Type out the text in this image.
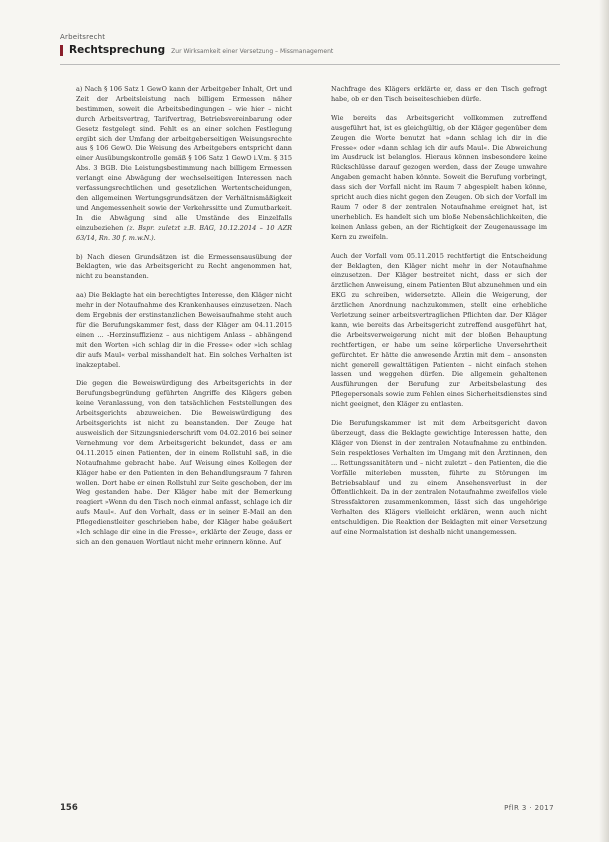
Arbeitsrecht
Rechtsprechung Zur Wirksamkeit einer Versetzung – Missmanagement

a) Nach § 106 Satz 1 GewO kann der Arbeitgeber Inhalt, Ort und Zeit der Arbeitsleistung nach billigem Ermessen näher bestimmen, soweit die Arbeitsbedingungen – wie hier – nicht durch Arbeitsvertrag, Tarifvertrag, Betriebsvereinbarung oder Gesetz festgelegt sind. Fehlt es an einer solchen Festlegung ergibt sich der Umfang der arbeitgeberseitigen Weisungsrechte aus § 106 GewO. Die Weisung des Arbeitgebers entspricht dann einer Ausübungskontrolle gemäß § 106 Satz 1 GewO i.V.m. § 315 Abs. 3 BGB. Die Leistungsbestimmung nach billigem Ermessen verlangt eine Abwägung der wechselseitigen Interessen nach verfassungsrechtlichen und gesetzlichen Wertentscheidungen, den allgemeinen Wertungsgrundsätzen der Verhältnismäßigkeit und Angemessenheit sowie der Verkehrssitte und Zumutbarkeit. In die Abwägung sind alle Umstände des Einzelfalls einzubeziehen (z. Bspr. zuletzt z.B. BAG, 10.12.2014 – 10 AZR 63/14, Rn. 30 f. m.w.N.).

b) Nach diesen Grundsätzen ist die Ermessensausübung der Beklagten, wie das Arbeitsgericht zu Recht angenommen hat, nicht zu beanstanden.

aa) Die Beklagte hat ein berechtigtes Interesse, den Kläger nicht mehr in der Notaufnahme des Krankenhauses einzusetzen. Nach dem Ergebnis der erstinstanzlichen Beweisaufnahme steht auch für die Berufungskammer fest, dass der Kläger am 04.11.2015 einen ... -Herzinsuffizienz – aus nichtigem Anlass – abhängend mit den Worten »ich schlag dir in die Fresse« oder »ich schlag dir aufs Maul« verbal misshandelt hat. Ein solches Verhalten ist inakzeptabel.

Die gegen die Beweiswürdigung des Arbeitsgerichts in der Berufungsbegründung geführten Angriffe des Klägers geben keine Veranlassung, von den tatsächlichen Feststellungen des Arbeitsgerichts abzuweichen. Die Beweiswürdigung des Arbeitsgerichts ist nicht zu beanstanden. Der Zeuge hat ausweislich der Sitzungsniederschrift vom 04.02.2016 bei seiner Vernehmung vor dem Arbeitsgericht bekundet, dass er am 04.11.2015 einen Patienten, der in einem Rollstuhl saß, in die Notaufnahme gebracht habe. Auf Weisung eines Kollegen der Kläger habe er den Patienten in den Behandlungsraum 7 fahren wollen. Dort habe er einen Rollstuhl zur Seite geschoben, der im Weg gestanden habe. Der Kläger habe mit der Bemerkung reagiert »Wenn du den Tisch noch einmal anfasst, schlage ich dir aufs Maul«. Auf den Vorhalt, dass er in seiner E-Mail an den Pflegedienstleiter geschrieben habe, der Kläger habe geäußert »Ich schlage dir eine in die Fresse«, erklärte der Zeuge, dass er sich an den genauen Wortlaut nicht mehr erinnern könne. Auf

Nachfrage des Klägers erklärte er, dass er den Tisch gefragt habe, ob er den Tisch beiseiteschieben dürfe.

Wie bereits das Arbeitsgericht vollkommen zutreffend ausgeführt hat, ist es gleichgültig, ob der Kläger gegenüber dem Zeugen die Worte benutzt hat »dann schlag ich dir in die Fresse« oder »dann schlag ich dir aufs Maul«. Die Abweichung im Ausdruck ist belanglos. Hieraus können insbesondere keine Rückschlüsse darauf gezogen werden, dass der Zeuge unwahre Angaben gemacht haben könnte. Soweit die Berufung vorbringt, dass sich der Vorfall nicht im Raum 7 abgespielt haben könne, spricht auch dies nicht gegen den Zeugen. Ob sich der Vorfall im Raum 7 oder 8 der zentralen Notaufnahme ereignet hat, ist unerheblich. Es handelt sich um bloße Nebensächlichkeiten, die keinen Anlass geben, an der Richtigkeit der Zeugenaussage im Kern zu zweifeln.

Auch der Vorfall vom 05.11.2015 rechtfertigt die Entscheidung der Beklagten, den Kläger nicht mehr in der Notaufnahme einzusetzen. Der Kläger bestreitet nicht, dass er sich der ärztlichen Anweisung, einem Patienten Blut abzunehmen und ein EKG zu schreiben, widersetzte. Allein die Weigerung, der ärztlichen Anordnung nachzukommen, stellt eine erhebliche Verletzung seiner arbeitsvertraglichen Pflichten dar. Der Kläger kann, wie bereits das Arbeitsgericht zutreffend ausgeführt hat, die Arbeitsverweigerung nicht mit der bloßen Behauptung rechtfertigen, er habe um seine körperliche Unversehrtheit gefürchtet. Er hätte die anwesende Ärztin mit dem – ansonsten nicht generell gewalttätigen Patienten – nicht einfach stehen lassen und weggehen dürfen. Die allgemein gehaltenen Ausführungen der Berufung zur Arbeitsbelastung des Pflegepersonals sowie zum Fehlen eines Sicherheitsdienstes sind nicht geeignet, den Kläger zu entlasten.

Die Berufungskammer ist mit dem Arbeitsgericht davon überzeugt, dass die Beklagte gewichtige Interessen hatte, den Kläger von Dienst in der zentralen Notaufnahme zu entbinden. Sein respektloses Verhalten im Umgang mit den Ärztinnen, den ... Rettungssanitätern und – nicht zuletzt – den Patienten, die die Vorfälle miterleben mussten, führte zu Störungen im Betriebsablauf und zu einem Ansehensverlust in der Öffentlichkeit. Da in der zentralen Notaufnahme zweifellos viele Stressfaktoren zusammenkommen, lässt sich das ungehörige Verhalten des Klägers vielleicht erklären, wenn auch nicht entschuldigen. Die Reaktion der Beklagten mit einer Versetzung auf eine Normalstation ist deshalb nicht unangemessen.

156	PflR 3 · 2017
